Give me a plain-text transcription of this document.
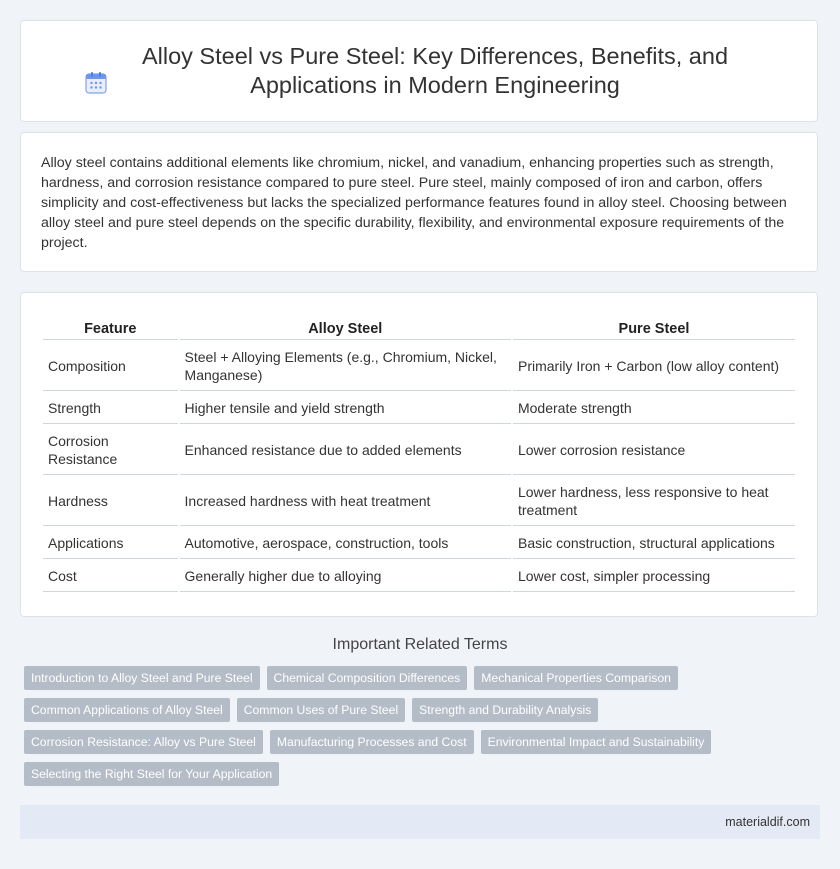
Alloy Steel vs Pure Steel: Key Differences, Benefits, and Applications in Modern Engineering

Alloy steel contains additional elements like chromium, nickel, and vanadium, enhancing properties such as strength, hardness, and corrosion resistance compared to pure steel. Pure steel, mainly composed of iron and carbon, offers simplicity and cost-effectiveness but lacks the specialized performance features found in alloy steel. Choosing between alloy steel and pure steel depends on the specific durability, flexibility, and environmental exposure requirements of the project.

Feature	Alloy Steel	Pure Steel
Composition	Steel + Alloying Elements (e.g., Chromium, Nickel, Manganese)	Primarily Iron + Carbon (low alloy content)
Strength	Higher tensile and yield strength	Moderate strength
Corrosion Resistance	Enhanced resistance due to added elements	Lower corrosion resistance
Hardness	Increased hardness with heat treatment	Lower hardness, less responsive to heat treatment
Applications	Automotive, aerospace, construction, tools	Basic construction, structural applications
Cost	Generally higher due to alloying	Lower cost, simpler processing
Important Related Terms
Introduction to Alloy Steel and Pure Steel	Chemical Composition Differences	Mechanical Properties Comparison
Common Applications of Alloy Steel	Common Uses of Pure Steel	Strength and Durability Analysis
Corrosion Resistance: Alloy vs Pure Steel	Manufacturing Processes and Cost	Environmental Impact and Sustainability
Selecting the Right Steel for Your Application
materialdif.com
